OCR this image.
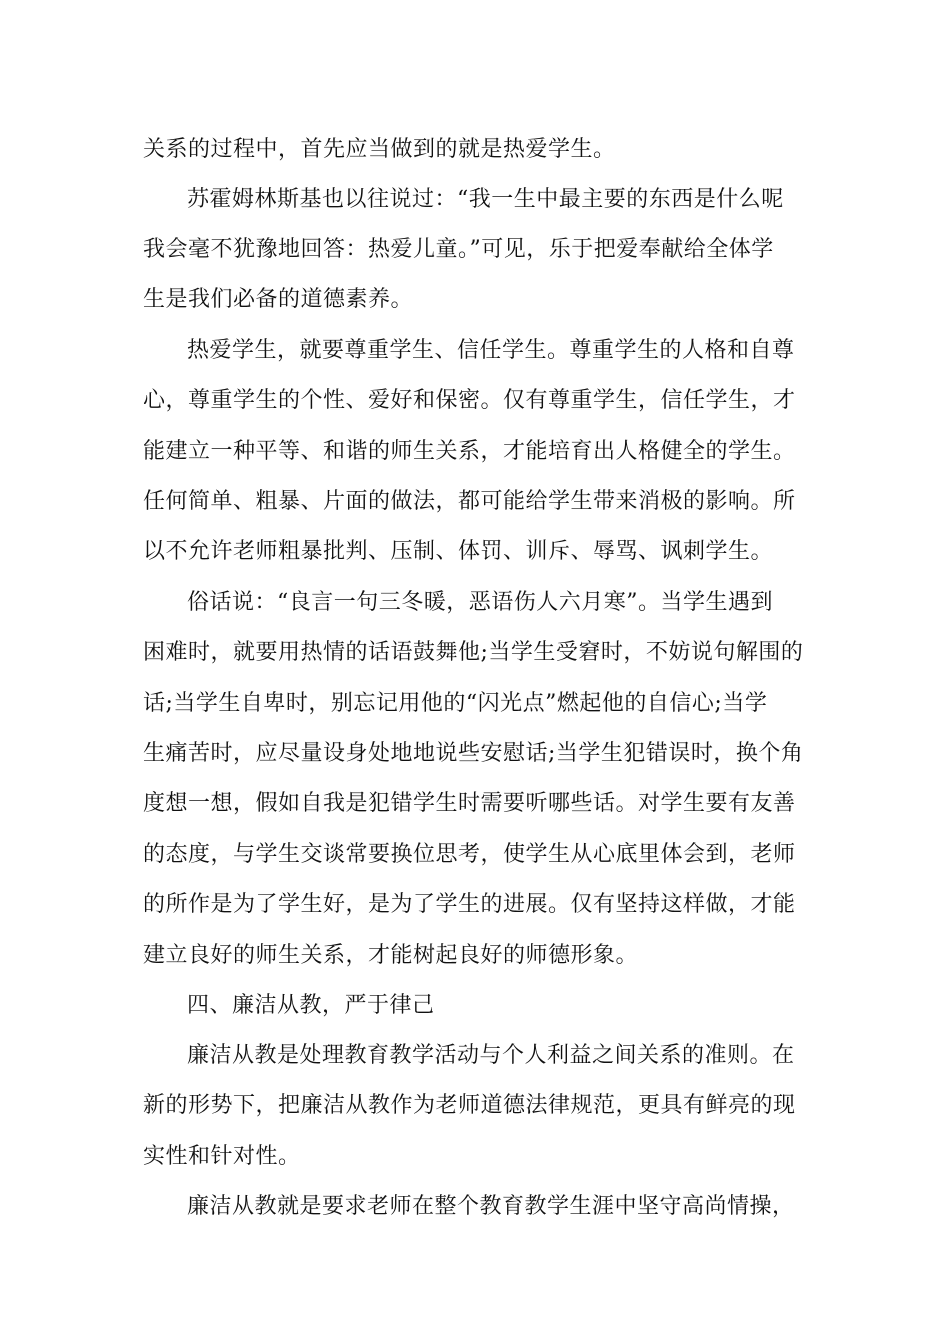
关系的过程中，首先应当做到的就是热爱学生。
苏霍姆林斯基也以往说过：“我一生中最主要的东西是什么呢
我会毫不犹豫地回答：热爱儿童。”可见，乐于把爱奉献给全体学
生是我们必备的道德素养。
热爱学生，就要尊重学生、信任学生。尊重学生的人格和自尊
心，尊重学生的个性、爱好和保密。仅有尊重学生，信任学生，才
能建立一种平等、和谐的师生关系，才能培育出人格健全的学生。
任何简单、粗暴、片面的做法，都可能给学生带来消极的影响。所
以不允许老师粗暴批判、压制、体罚、训斥、辱骂、讽刺学生。
俗话说：“良言一句三冬暖，恶语伤人六月寒”。当学生遇到
困难时，就要用热情的话语鼓舞他;当学生受窘时，不妨说句解围的
话;当学生自卑时，别忘记用他的“闪光点”燃起他的自信心;当学
生痛苦时，应尽量设身处地地说些安慰话;当学生犯错误时，换个角
度想一想，假如自我是犯错学生时需要听哪些话。对学生要有友善
的态度，与学生交谈常要换位思考，使学生从心底里体会到，老师
的所作是为了学生好，是为了学生的进展。仅有坚持这样做，才能
建立良好的师生关系，才能树起良好的师德形象。
四、廉洁从教，严于律己
廉洁从教是处理教育教学活动与个人利益之间关系的准则。在
新的形势下，把廉洁从教作为老师道德法律规范，更具有鲜亮的现
实性和针对性。
廉洁从教就是要求老师在整个教育教学生涯中坚守高尚情操，
